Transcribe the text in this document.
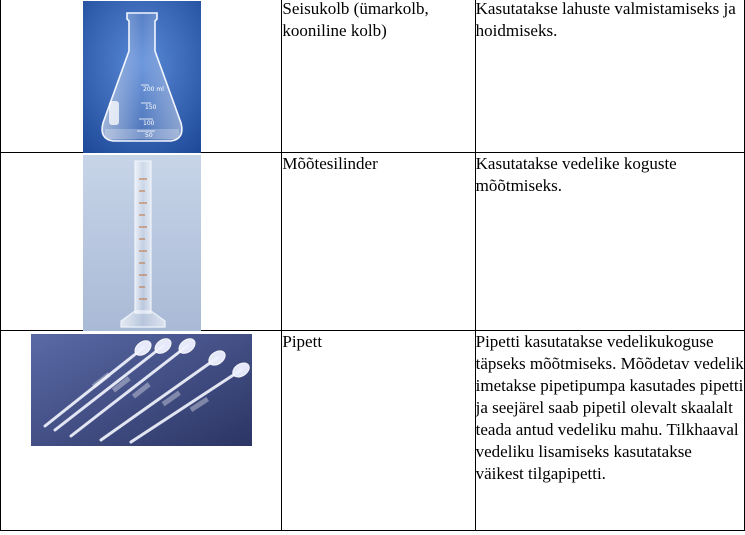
200 ml
150
100
50	Seisukolb (ümarkolb, kooniline kolb)	Kasutatakse lahuste valmistamiseks ja hoidmiseks.

	Mõõtesilinder	Kasutatakse vedelike koguste mõõtmiseks.

	Pipett	Pipetti kasutatakse vedelikukoguse täpseks mõõtmiseks. Mõõdetav vedelik imetakse pipetipumpa kasutades pipetti ja seejärel saab pipetil olevalt skaalalt teada antud vedeliku mahu. Tilkhaaval vedeliku lisamiseks kasutatakse väikest tilgapipetti.
